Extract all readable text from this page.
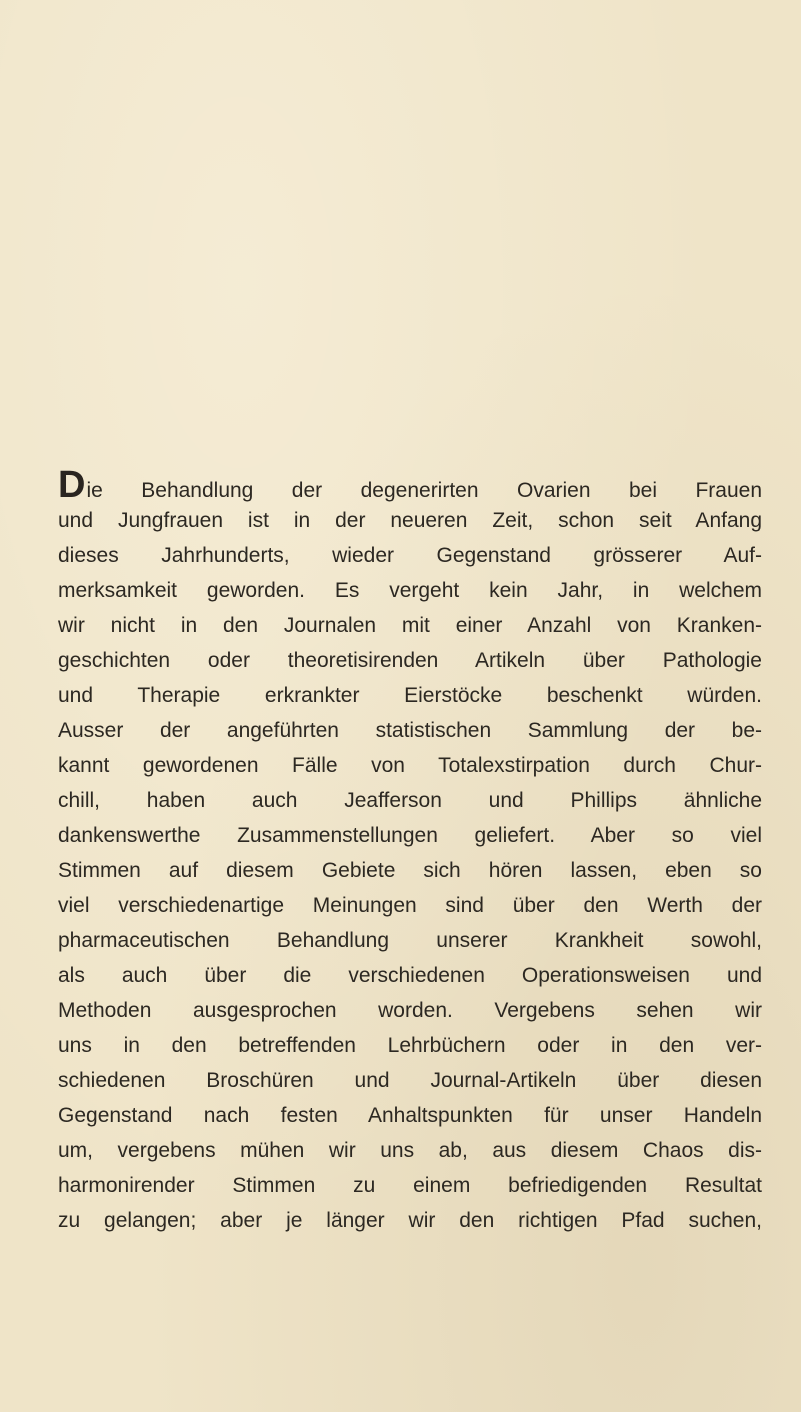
D ie Behandlung der degenerirten Ovarien bei Frauen
und Jungfrauen ist in der neueren Zeit, schon seit Anfang
dieses Jahrhunderts, wieder Gegenstand grösserer Auf-
merksamkeit geworden. Es vergeht kein Jahr, in welchem
wir nicht in den Journalen mit einer Anzahl von Kranken-
geschichten oder theoretisirenden Artikeln über Pathologie
und Therapie erkrankter Eierstöcke beschenkt würden.
Ausser der angeführten statistischen Sammlung der be-
kannt gewordenen Fälle von Totalexstirpation durch Chur-
chill, haben auch Jeafferson und Phillips ähnliche
dankenswerthe Zusammenstellungen geliefert. Aber so viel
Stimmen auf diesem Gebiete sich hören lassen, eben so
viel verschiedenartige Meinungen sind über den Werth der
pharmaceutischen Behandlung unserer Krankheit sowohl,
als auch über die verschiedenen Operationsweisen und
Methoden ausgesprochen worden. Vergebens sehen wir
uns in den betreffenden Lehrbüchern oder in den ver-
schiedenen Broschüren und Journal-Artikeln über diesen
Gegenstand nach festen Anhaltspunkten für unser Handeln
um, vergebens mühen wir uns ab, aus diesem Chaos dis-
harmonirender Stimmen zu einem befriedigenden Resultat
zu gelangen; aber je länger wir den richtigen Pfad suchen,
